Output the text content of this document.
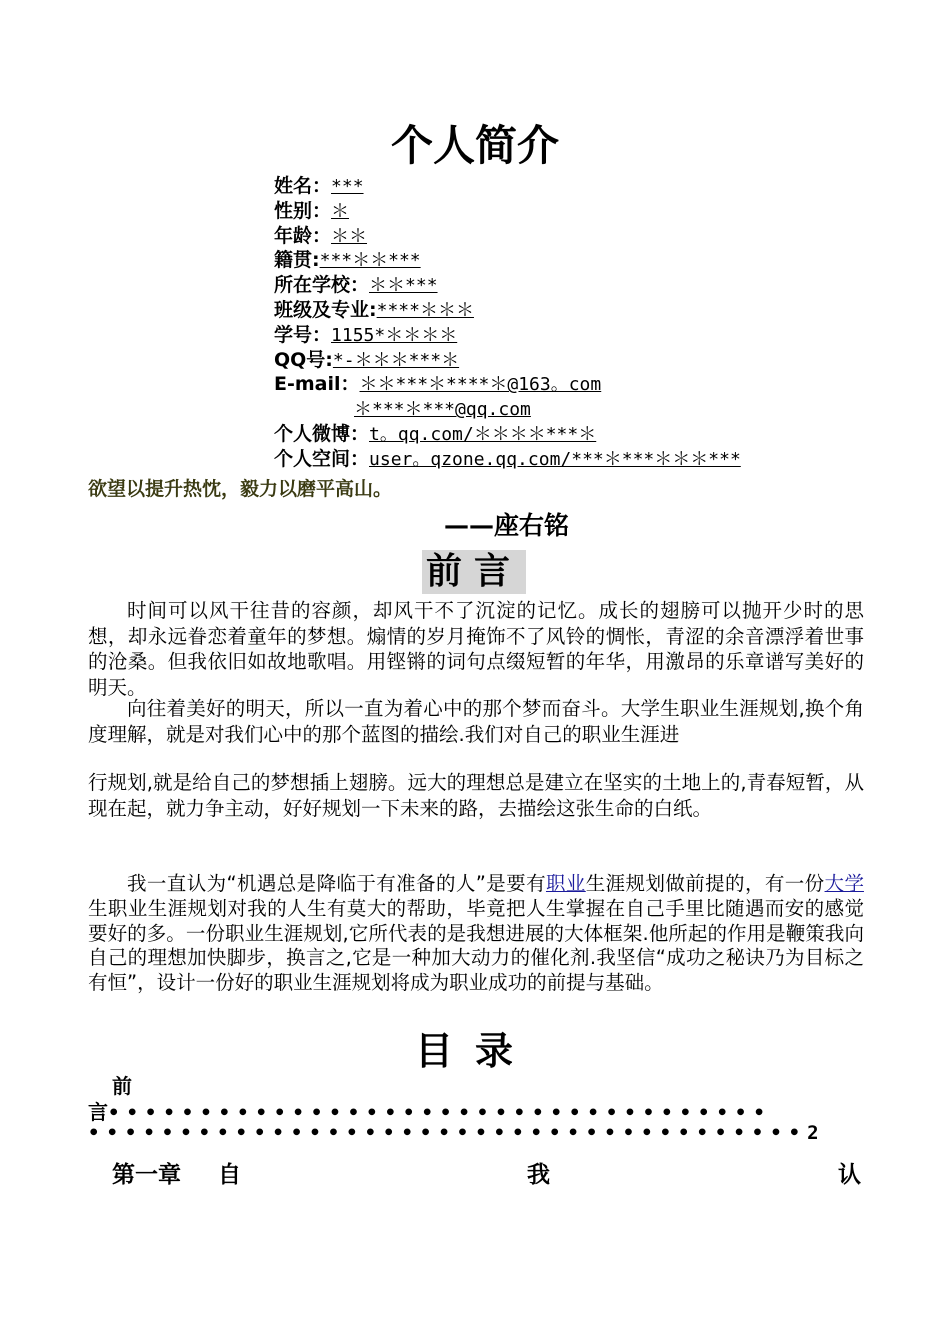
个人简介
姓名：***
性别：＊
年龄：＊＊
籍贯:***＊＊***
所在学校：＊＊***
班级及专业:****＊＊＊
学号：1155*＊＊＊＊
QQ号:*-＊＊＊***＊
E-mail：＊＊***＊****＊@163。com
＊***＊***@qq.com
个人微博：t。qq.com/＊＊＊＊***＊
个人空间：user。qzone.qq.com/***＊***＊＊＊***
欲望以提升热忱，毅力以磨平高山。
——座右铭
前言
时间可以风干往昔的容颜，却风干不了沉淀的记忆。成长的翅膀可以抛开少时的思想，却永远眷恋着童年的梦想。煽情的岁月掩饰不了风铃的惆怅，青涩的余音漂浮着世事的沧桑。但我依旧如故地歌唱。用铿锵的词句点缀短暂的年华，用激昂的乐章谱写美好的明天。
向往着美好的明天，所以一直为着心中的那个梦而奋斗。大学生职业生涯规划,换个角度理解，就是对我们心中的那个蓝图的描绘.我们对自己的职业生涯进
行规划,就是给自己的梦想插上翅膀。远大的理想总是建立在坚实的土地上的,青春短暂，从现在起，就力争主动，好好规划一下未来的路，去描绘这张生命的白纸。
我一直认为“机遇总是降临于有准备的人”是要有职业生涯规划做前提的，有一份大学生职业生涯规划对我的人生有莫大的帮助，毕竟把人生掌握在自己手里比随遇而安的感觉要好的多。一份职业生涯规划,它所代表的是我想进展的大体框架.他所起的作用是鞭策我向自己的理想加快脚步，换言之,它是一种加大动力的催化剂.我坚信“成功之秘诀乃为目标之有恒”，设计一份好的职业生涯规划将成为职业成功的前提与基础。
目录
前
言••••••••••••••••••••••••••••••••••••
•••••••••••••••••••••••••••••••••••••••2
第一章 自	我	认
